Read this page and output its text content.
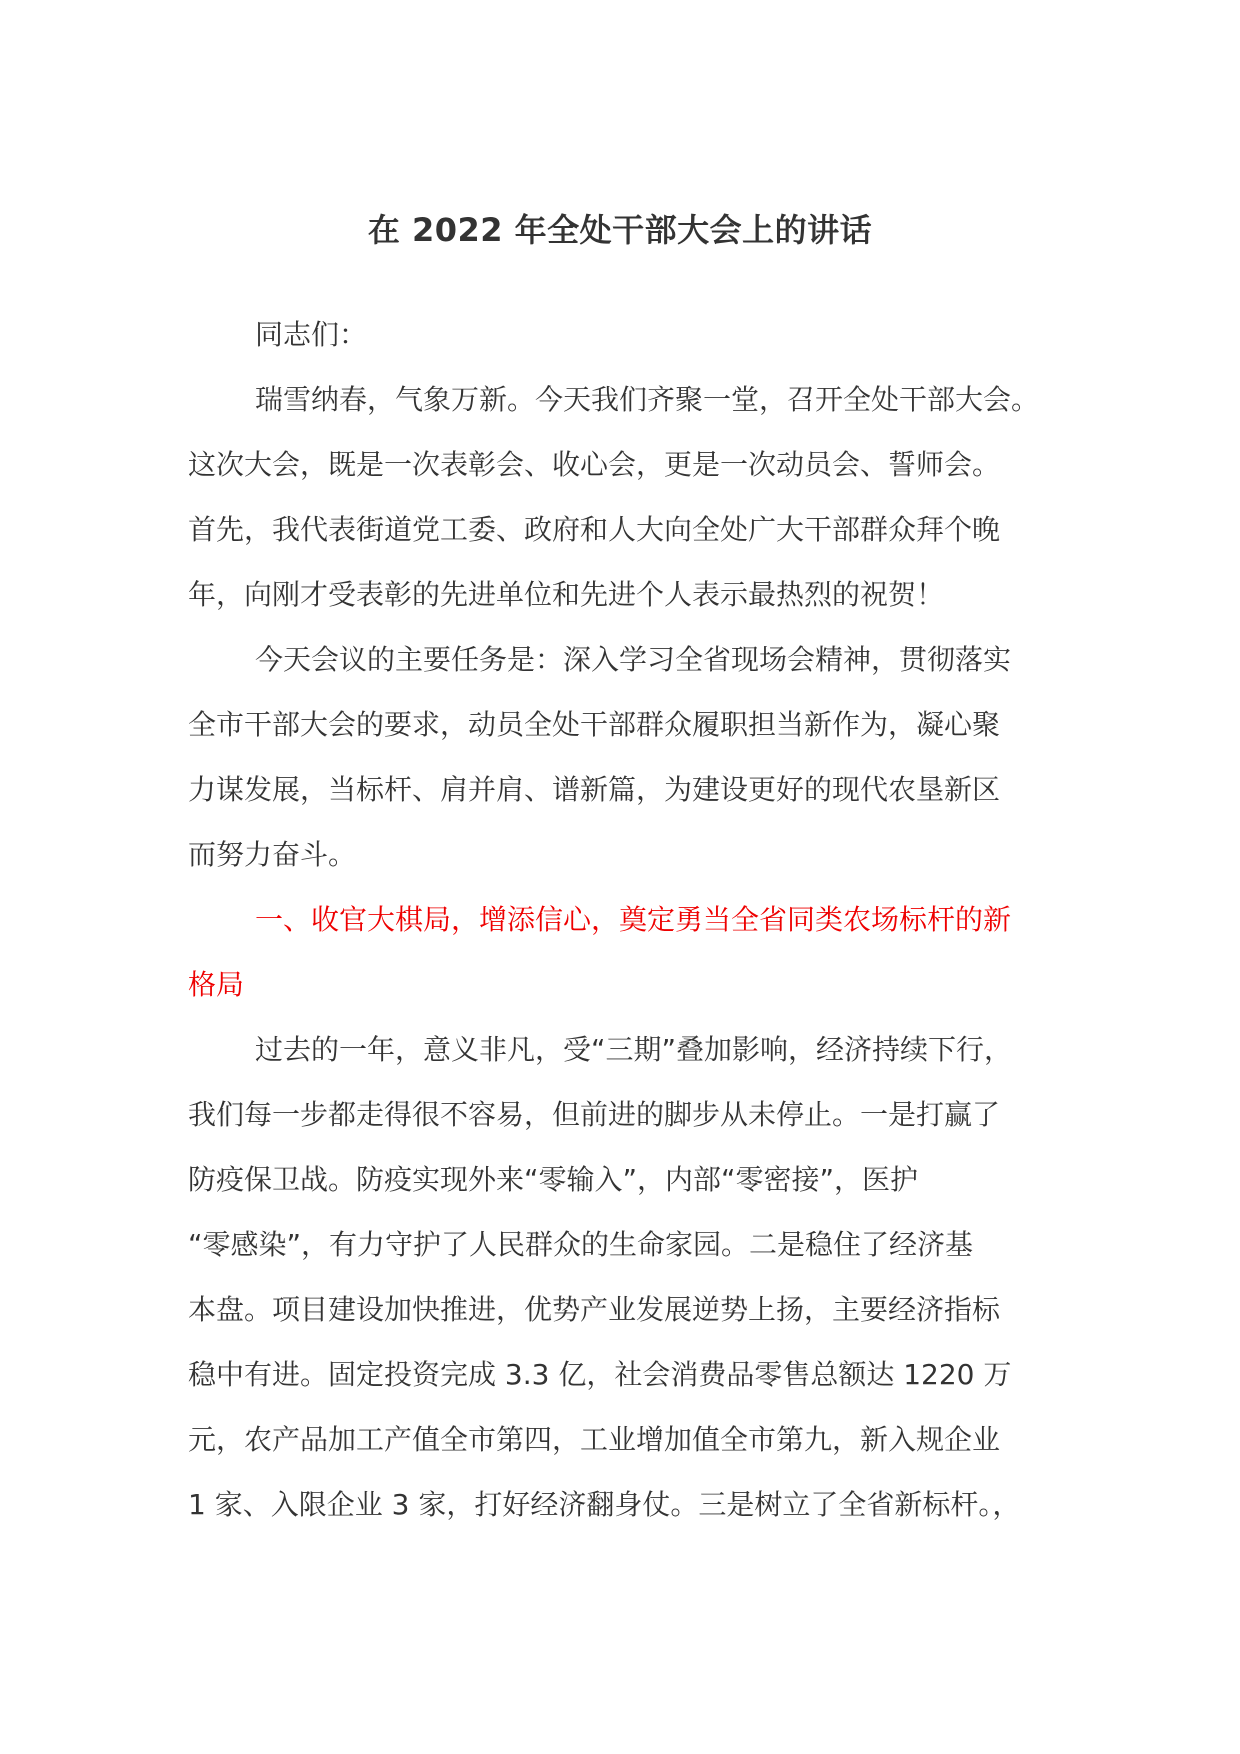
在 2022 年全处干部大会上的讲话
同志们：
瑞雪纳春，气象万新。今天我们齐聚一堂，召开全处干部大会。
这次大会，既是一次表彰会、收心会，更是一次动员会、誓师会。
首先，我代表街道党工委、政府和人大向全处广大干部群众拜个晚
年，向刚才受表彰的先进单位和先进个人表示最热烈的祝贺！
今天会议的主要任务是：深入学习全省现场会精神，贯彻落实
全市干部大会的要求，动员全处干部群众履职担当新作为，凝心聚
力谋发展，当标杆、肩并肩、谱新篇，为建设更好的现代农垦新区
而努力奋斗。
一、收官大棋局，增添信心，奠定勇当全省同类农场标杆的新
格局
过去的一年，意义非凡，受“三期”叠加影响，经济持续下行，
我们每一步都走得很不容易，但前进的脚步从未停止。一是打赢了
防疫保卫战。防疫实现外来“零输入”，内部“零密接”，医护
“零感染”，有力守护了人民群众的生命家园。二是稳住了经济基
本盘。项目建设加快推进，优势产业发展逆势上扬，主要经济指标
稳中有进。固定投资完成 3.3 亿，社会消费品零售总额达 1220 万
元，农产品加工产值全市第四，工业增加值全市第九，新入规企业
1 家、入限企业 3 家，打好经济翻身仗。三是树立了全省新标杆。，
